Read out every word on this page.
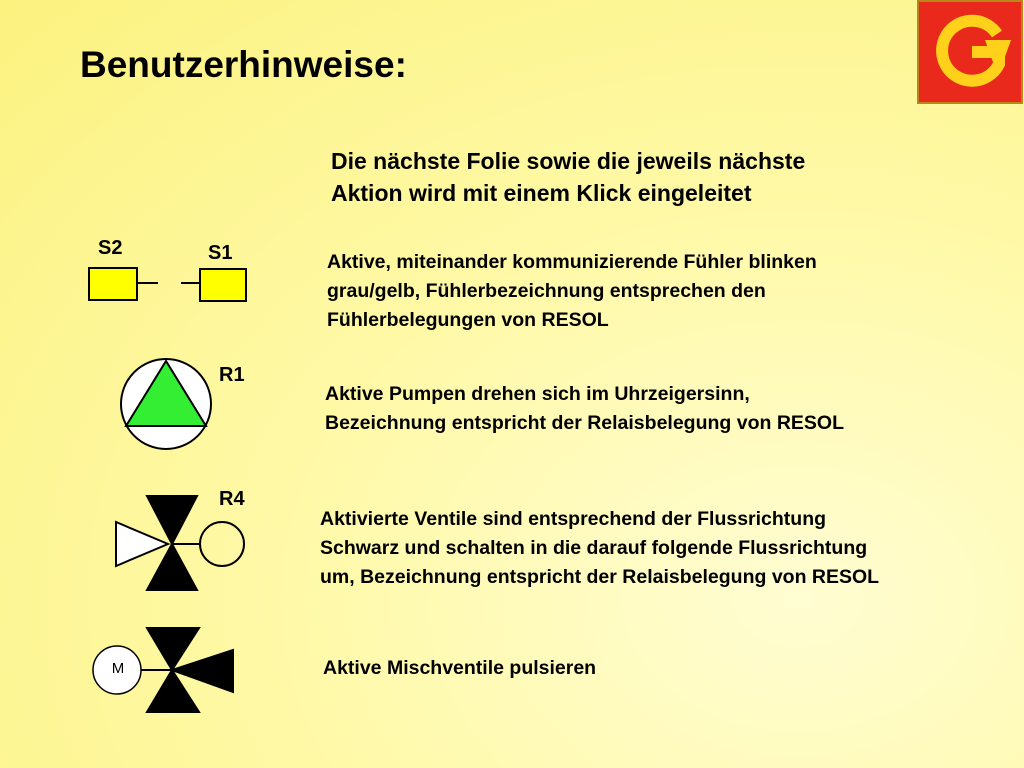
Benutzerhinweise:
Die nächste Folie sowie die jeweils nächste
Aktion wird mit einem Klick eingeleitet
S2	S1	Aktive, miteinander kommunizierende Fühler blinken
grau/gelb, Fühlerbezeichnung entsprechen den
Fühlerbelegungen von RESOL
R1
Aktive Pumpen drehen sich im Uhrzeigersinn,
Bezeichnung entspricht der Relaisbelegung von RESOL
R4
Aktivierte Ventile sind entsprechend der Flussrichtung
Schwarz und schalten in die darauf folgende Flussrichtung
um, Bezeichnung entspricht der Relaisbelegung von RESOL
M	Aktive Mischventile pulsieren
